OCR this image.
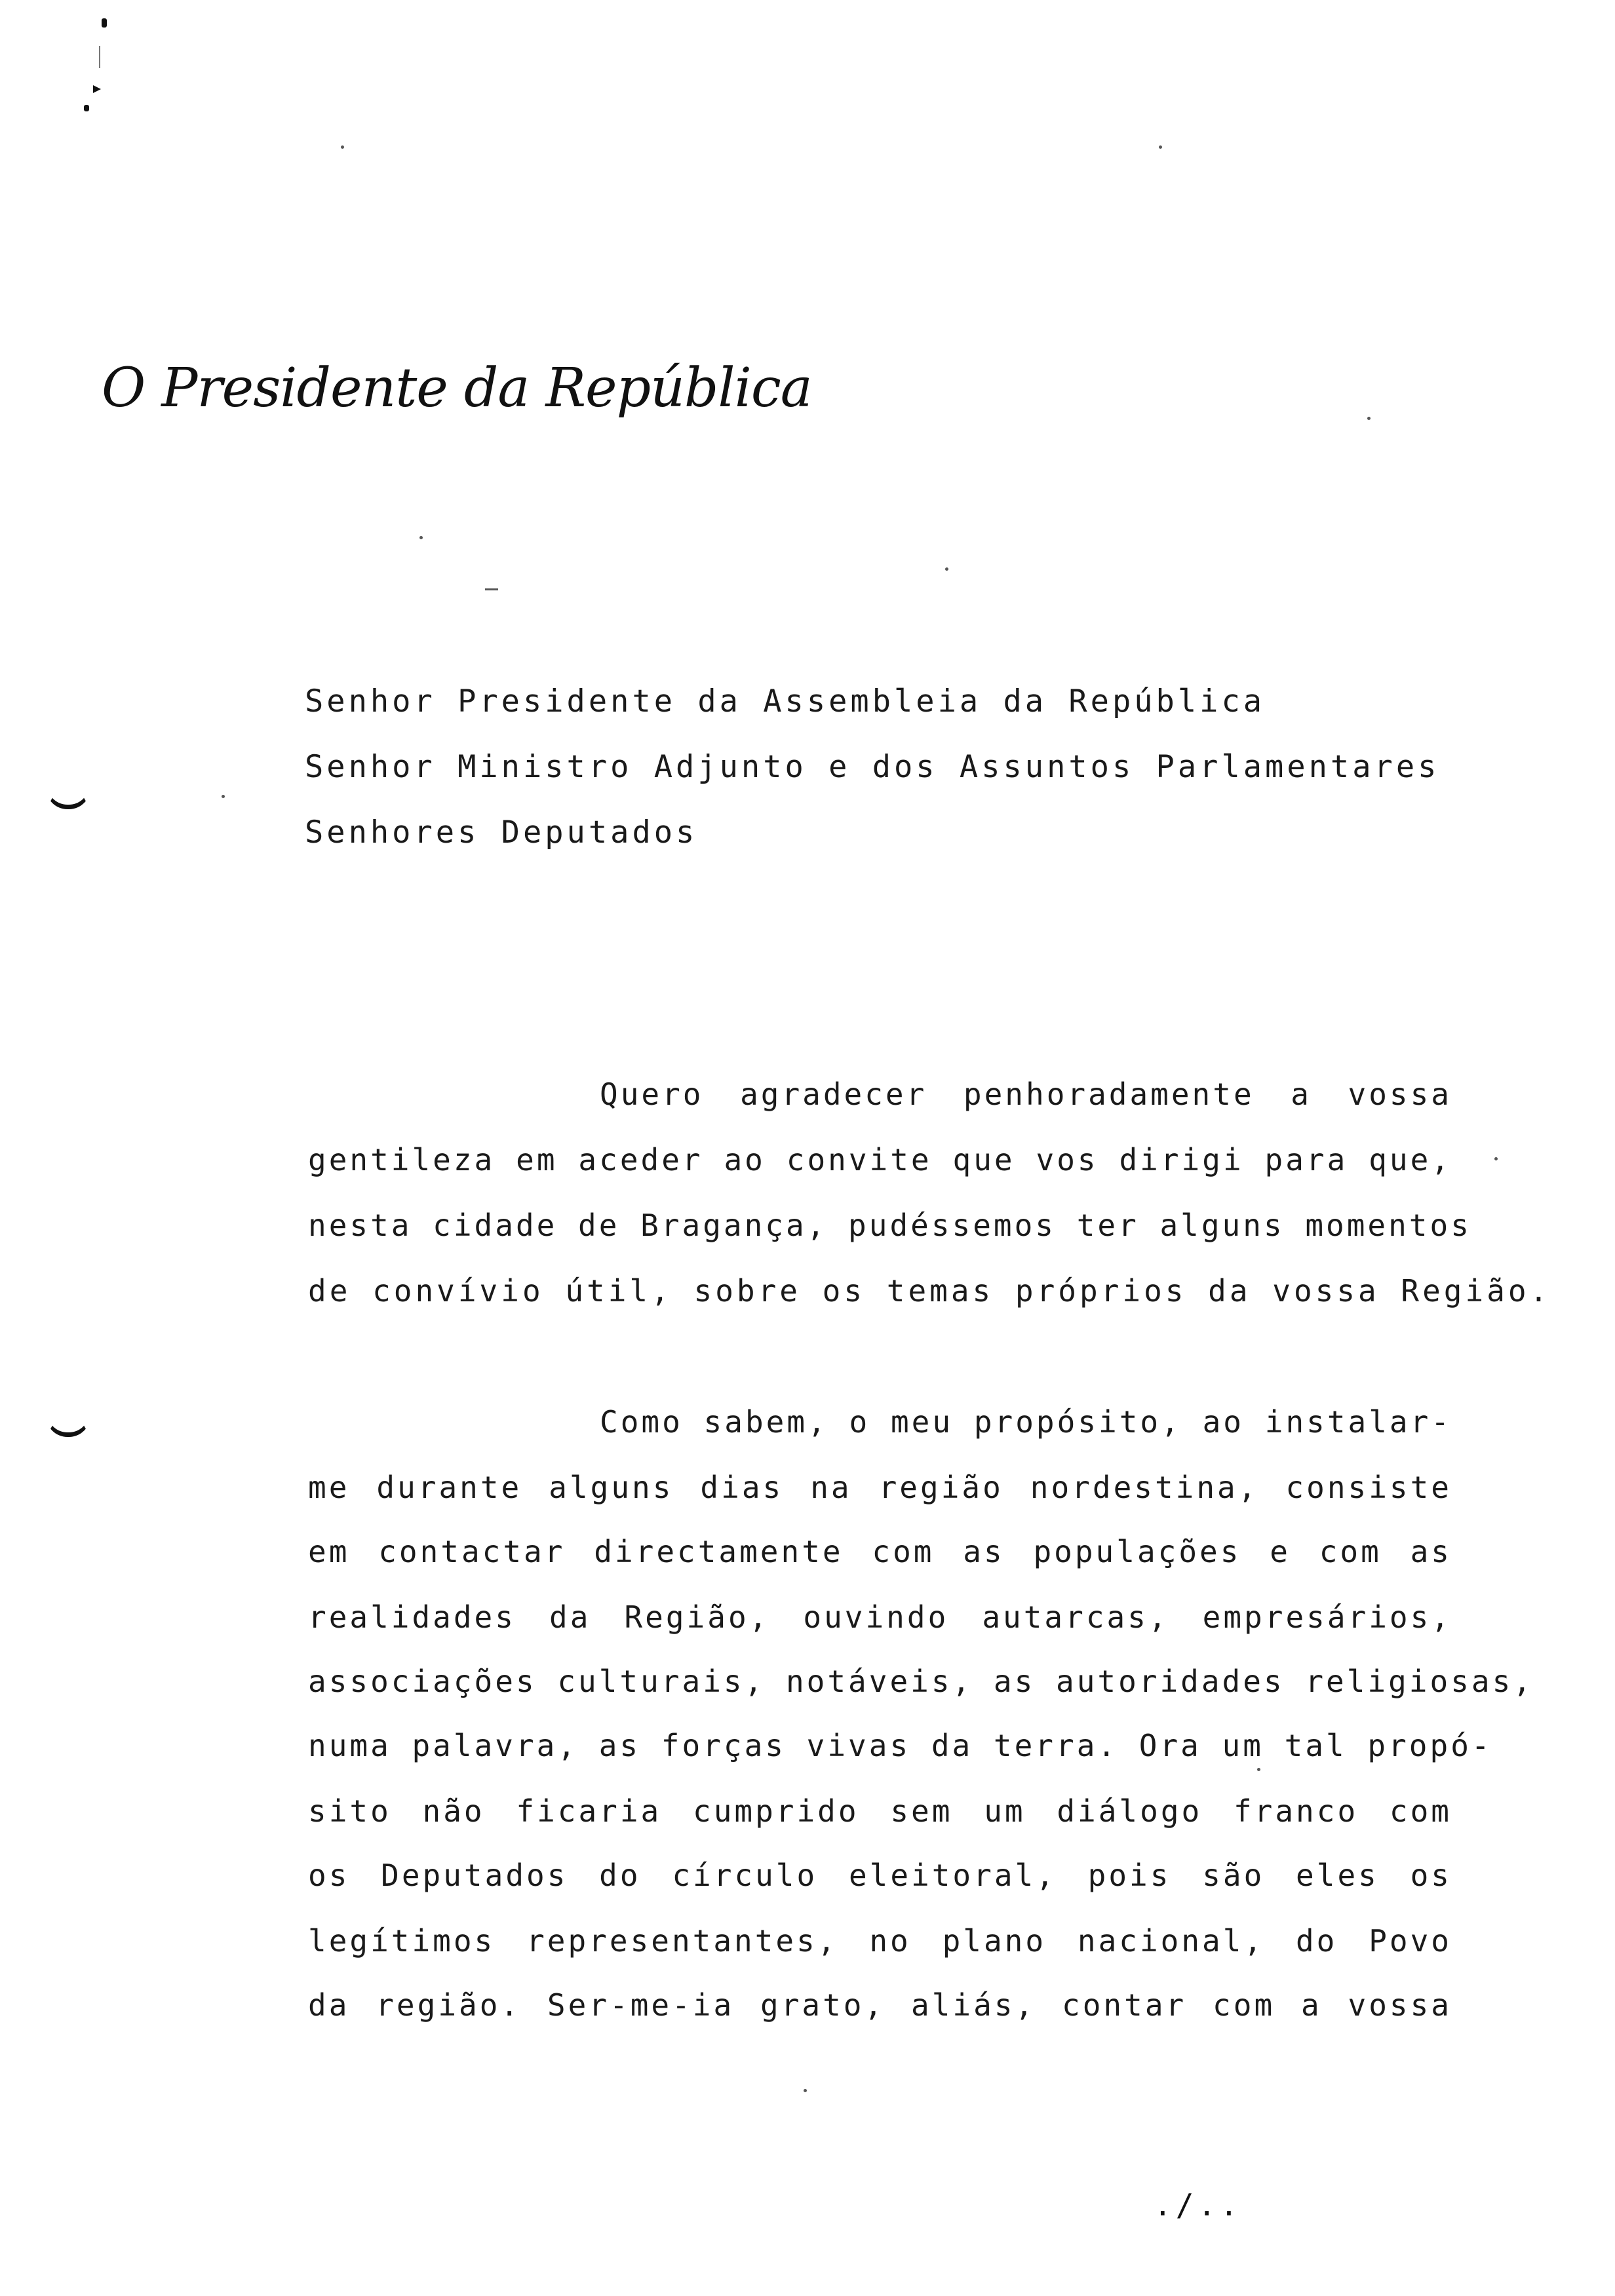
O Presidente da República
Senhor Presidente da Assembleia da República
Senhor Ministro Adjunto e dos Assuntos Parlamentares
Senhores Deputados
Quero agradecer penhoradamente a vossa
gentileza em aceder ao convite que vos dirigi para que,
nesta cidade de Bragança, pudéssemos ter alguns momentos
de convívio útil, sobre os temas próprios da vossa Região.
Como sabem, o meu propósito, ao instalar-
me durante alguns dias na região nordestina, consiste
em contactar directamente com as populações e com as
realidades da Região, ouvindo autarcas, empresários,
associações culturais, notáveis, as autoridades religiosas,
numa palavra, as forças vivas da terra. Ora um tal propó-
sito não ficaria cumprido sem um diálogo franco com
os Deputados do círculo eleitoral, pois são eles os
legítimos representantes, no plano nacional, do Povo
da região. Ser-me-ia grato, aliás, contar com a vossa
./..
